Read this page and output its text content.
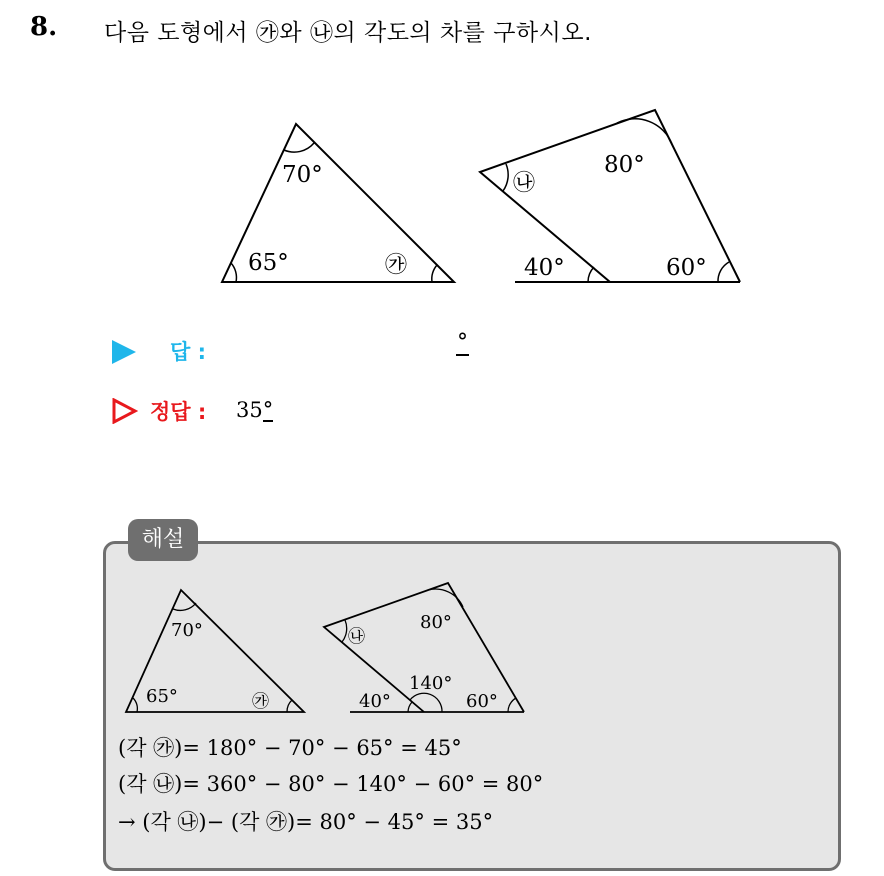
8. 다음 도형에서 ㉮와 ㉯의 각도의 차를 구하시오.
70°
65°	㉮
㉯
80°
40°	60°
답 :	°
정답 : 35°
해설
70°
65°	㉮
㉯
80°
140°
40°	60°
(각 ㉮)= 180° − 70° − 65° = 45°
(각 ㉯)= 360° − 80° − 140° − 60° = 80°
→ (각 ㉯)− (각 ㉮)= 80° − 45° = 35°
